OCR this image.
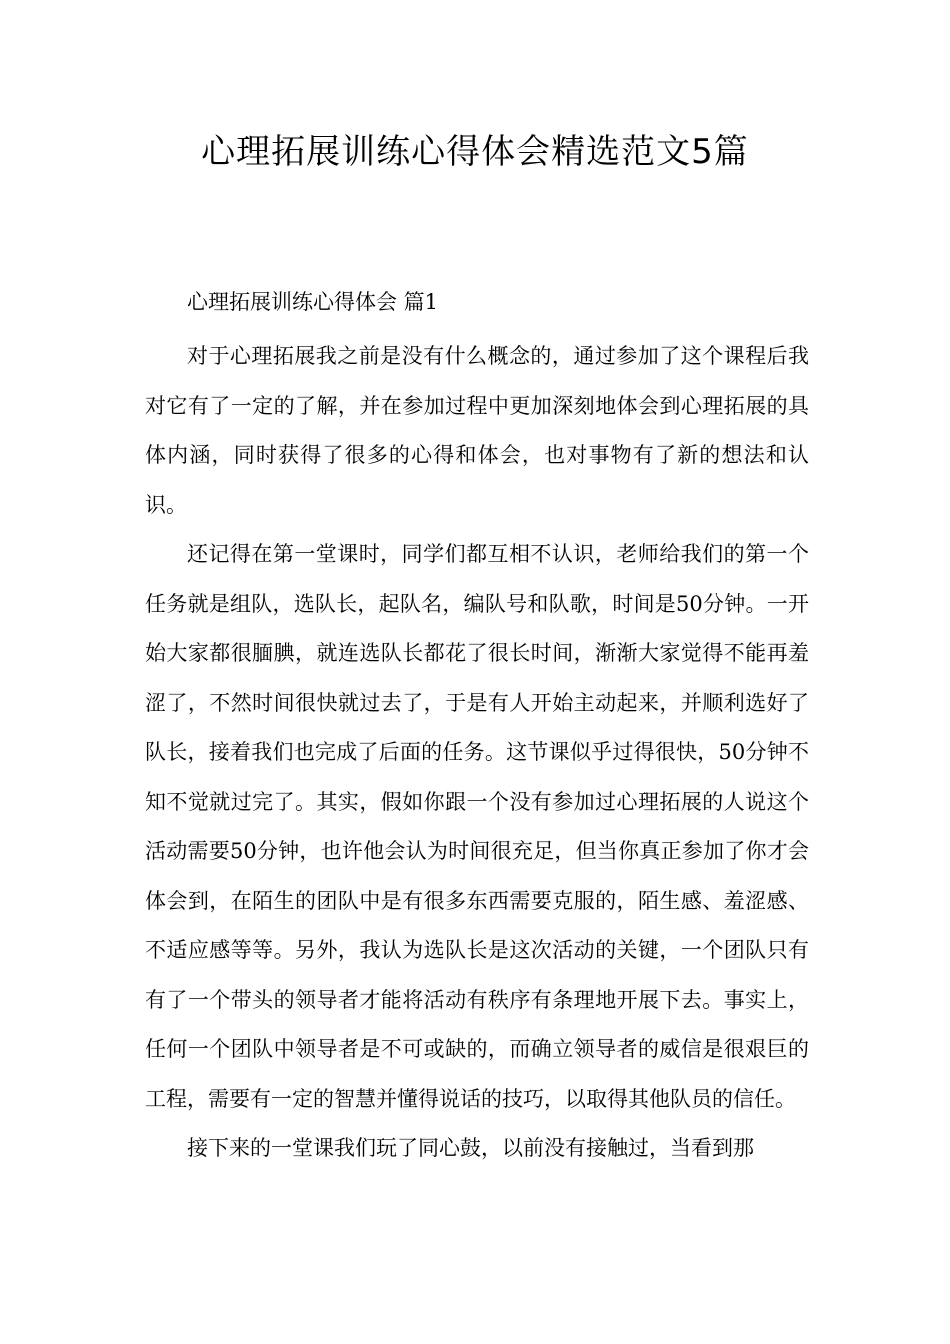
心理拓展训练心得体会精选范文5篇
心理拓展训练心得体会 篇1

对于心理拓展我之前是没有什么概念的，通过参加了这个课程后我对它有了一定的了解，并在参加过程中更加深刻地体会到心理拓展的具体内涵，同时获得了很多的心得和体会，也对事物有了新的想法和认识。

还记得在第一堂课时，同学们都互相不认识，老师给我们的第一个任务就是组队，选队长，起队名，编队号和队歌，时间是50分钟。一开始大家都很腼腆，就连选队长都花了很长时间，渐渐大家觉得不能再羞涩了，不然时间很快就过去了，于是有人开始主动起来，并顺利选好了队长，接着我们也完成了后面的任务。这节课似乎过得很快，50分钟不知不觉就过完了。其实，假如你跟一个没有参加过心理拓展的人说这个活动需要50分钟，也许他会认为时间很充足，但当你真正参加了你才会体会到，在陌生的团队中是有很多东西需要克服的，陌生感、羞涩感、不适应感等等。另外，我认为选队长是这次活动的关键，一个团队只有有了一个带头的领导者才能将活动有秩序有条理地开展下去。事实上，任何一个团队中领导者是不可或缺的，而确立领导者的威信是很艰巨的工程，需要有一定的智慧并懂得说话的技巧，以取得其他队员的信任。

接下来的一堂课我们玩了同心鼓，以前没有接触过，当看到那
